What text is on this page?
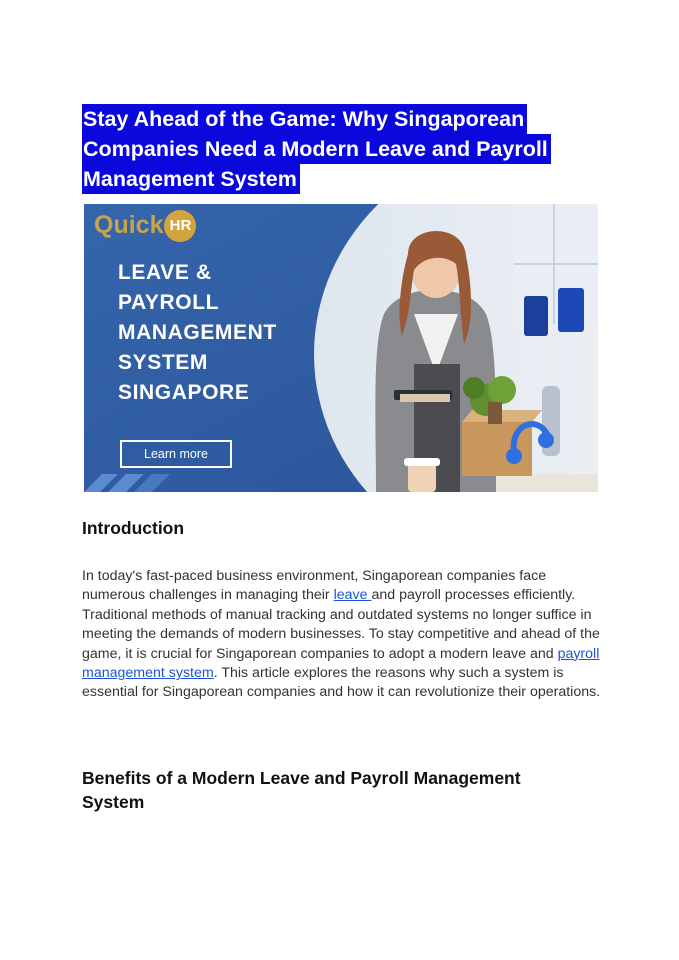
Stay Ahead of the Game: Why Singaporean
Companies Need a Modern Leave and Payroll
Management System
Quick HR
LEAVE &
PAYROLL
MANAGEMENT
SYSTEM
SINGAPORE
Learn more
Introduction

In today's fast-paced business environment, Singaporean companies face numerous challenges in managing their leave and payroll processes efficiently. Traditional methods of manual tracking and outdated systems no longer suffice in meeting the demands of modern businesses. To stay competitive and ahead of the game, it is crucial for Singaporean companies to adopt a modern leave and payroll management system. This article explores the reasons why such a system is essential for Singaporean companies and how it can revolutionize their operations.

Benefits of a Modern Leave and Payroll Management System
